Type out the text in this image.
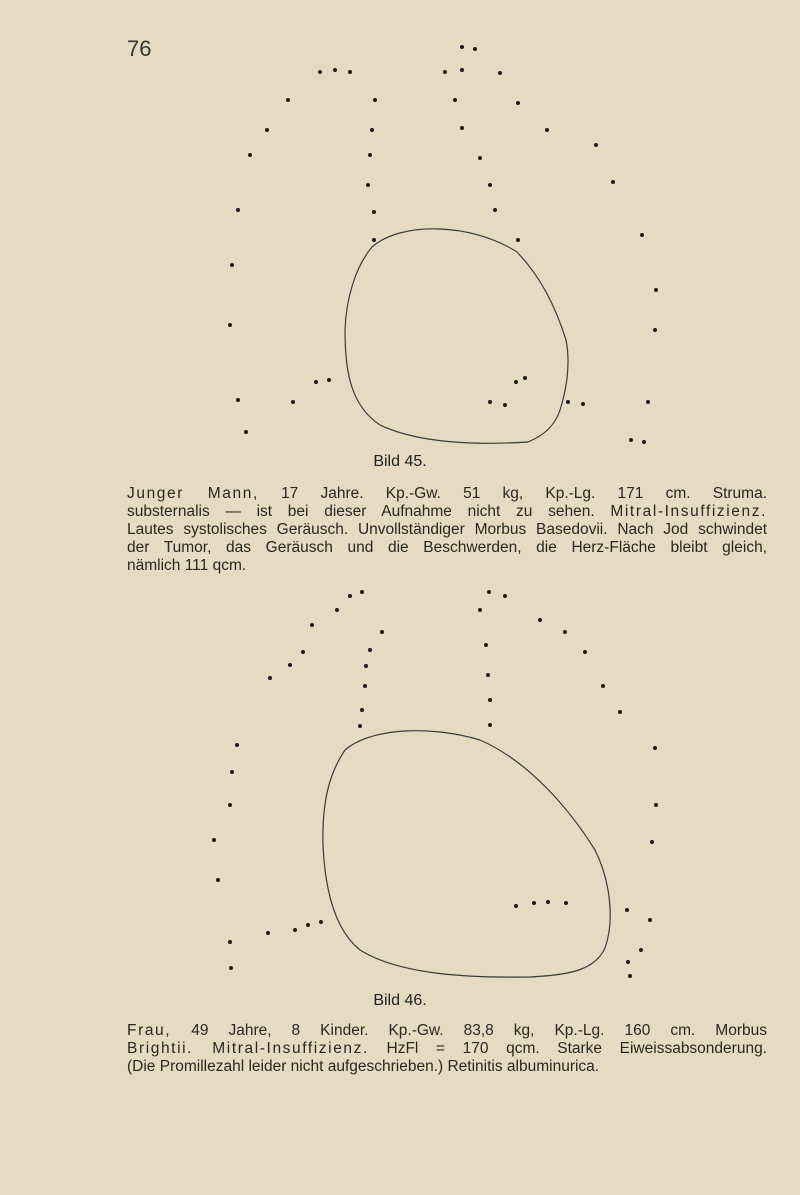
76
Bild 45.
Junger Mann, 17 Jahre. Kp.-Gw. 51 kg, Kp.-Lg. 171 cm. Struma.
substernalis — ist bei dieser Aufnahme nicht zu sehen. Mitral-Insuffizienz.
Lautes systolisches Geräusch. Unvollständiger Morbus Basedovii. Nach Jod schwindet
der Tumor, das Geräusch und die Beschwerden, die Herz-Fläche bleibt gleich,
nämlich 111 qcm.
Bild 46.
Frau, 49 Jahre, 8 Kinder. Kp.-Gw. 83,8 kg, Kp.-Lg. 160 cm. Morbus
Brightii. Mitral-Insuffizienz. HzFl = 170 qcm. Starke Eiweissabsonderung.
(Die Promillezahl leider nicht aufgeschrieben.) Retinitis albuminurica.
